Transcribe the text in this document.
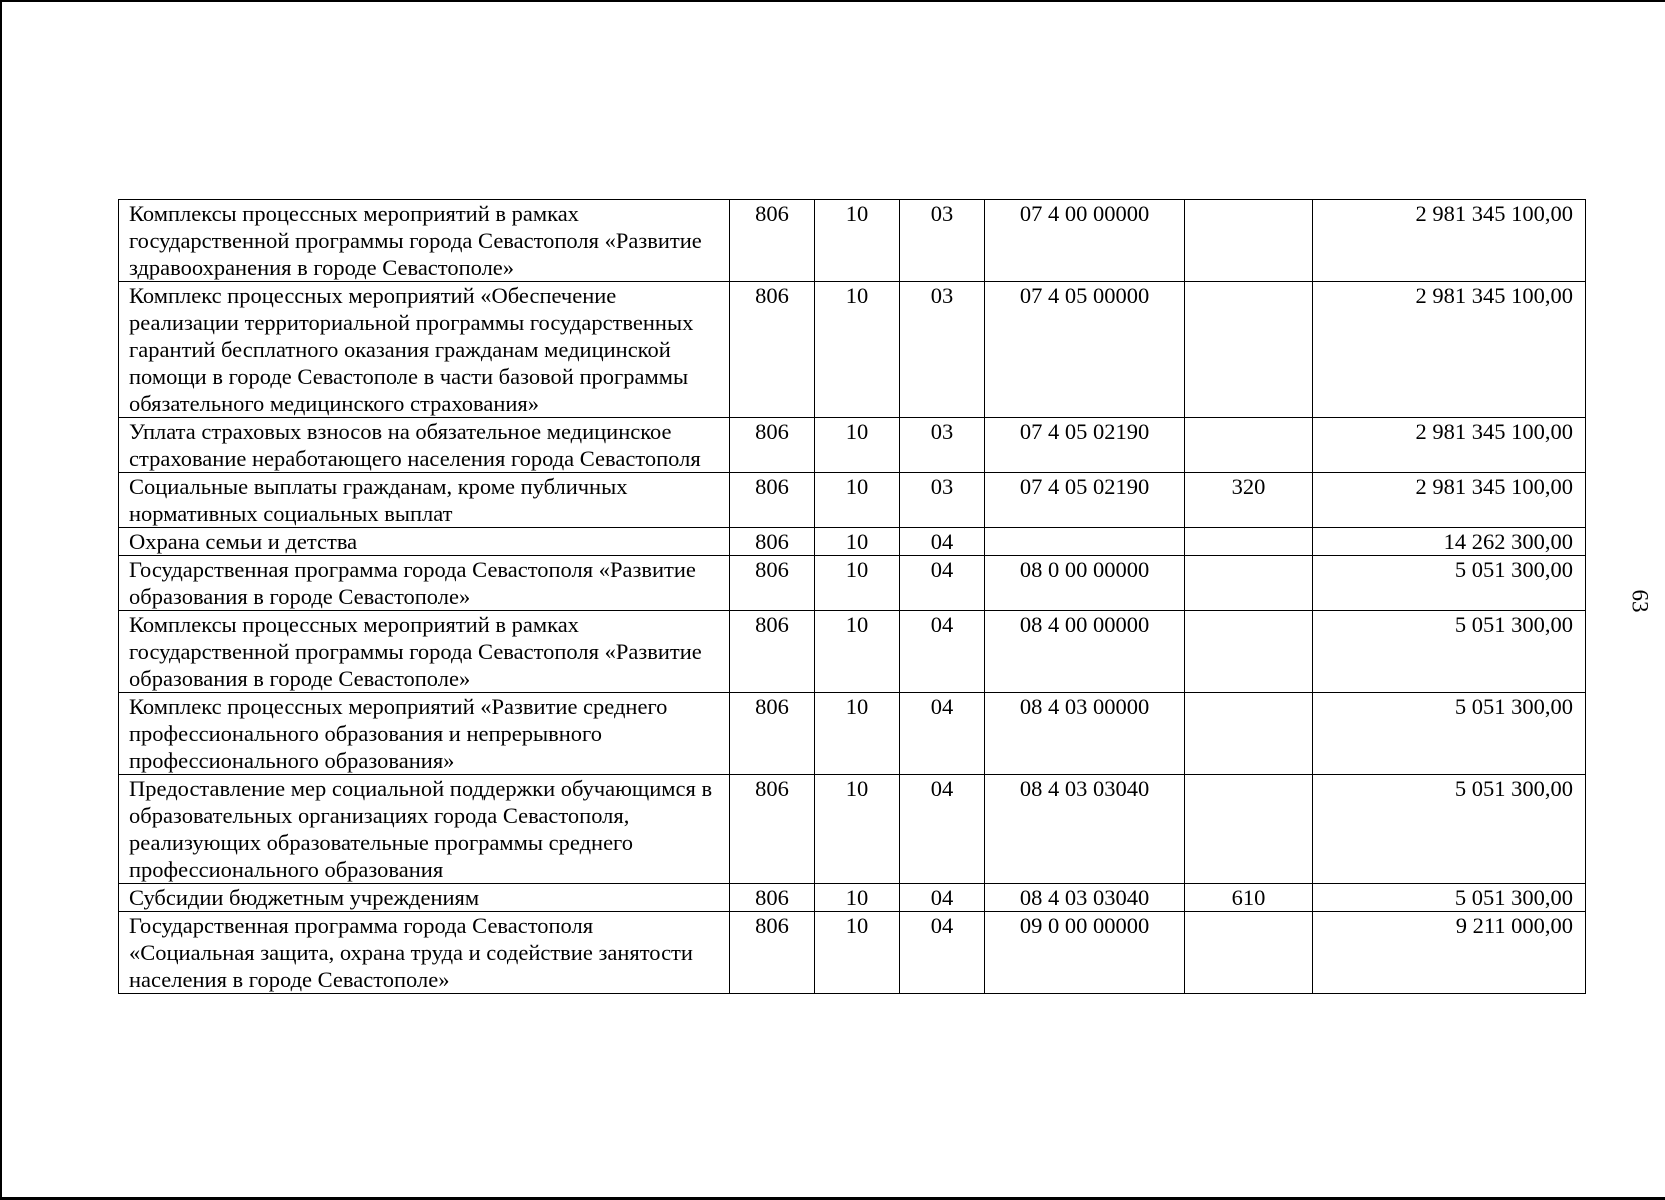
63
Комплексы процессных мероприятий в рамках государственной программы города Севастополя «Развитие здравоохранения в городе Севастополе»	806	10	03	07 4 00 00000		2 981 345 100,00
Комплекс процессных мероприятий «Обеспечение реализации территориальной программы государственных гарантий бесплатного оказания гражданам медицинской помощи в городе Севастополе в части базовой программы обязательного медицинского страхования»	806	10	03	07 4 05 00000		2 981 345 100,00
Уплата страховых взносов на обязательное медицинское страхование неработающего населения города Севастополя	806	10	03	07 4 05 02190		2 981 345 100,00
Социальные выплаты гражданам, кроме публичных нормативных социальных выплат	806	10	03	07 4 05 02190	320	2 981 345 100,00
Охрана семьи и детства	806	10	04			14 262 300,00
Государственная программа города Севастополя «Развитие образования в городе Севастополе»	806	10	04	08 0 00 00000		5 051 300,00
Комплексы процессных мероприятий в рамках государственной программы города Севастополя «Развитие образования в городе Севастополе»	806	10	04	08 4 00 00000		5 051 300,00
Комплекс процессных мероприятий «Развитие среднего профессионального образования и непрерывного профессионального образования»	806	10	04	08 4 03 00000		5 051 300,00
Предоставление мер социальной поддержки обучающимся в образовательных организациях города Севастополя, реализующих образовательные программы среднего профессионального образования	806	10	04	08 4 03 03040		5 051 300,00
Субсидии бюджетным учреждениям	806	10	04	08 4 03 03040	610	5 051 300,00
Государственная программа города Севастополя «Социальная защита, охрана труда и содействие занятости населения в городе Севастополе»	806	10	04	09 0 00 00000		9 211 000,00
